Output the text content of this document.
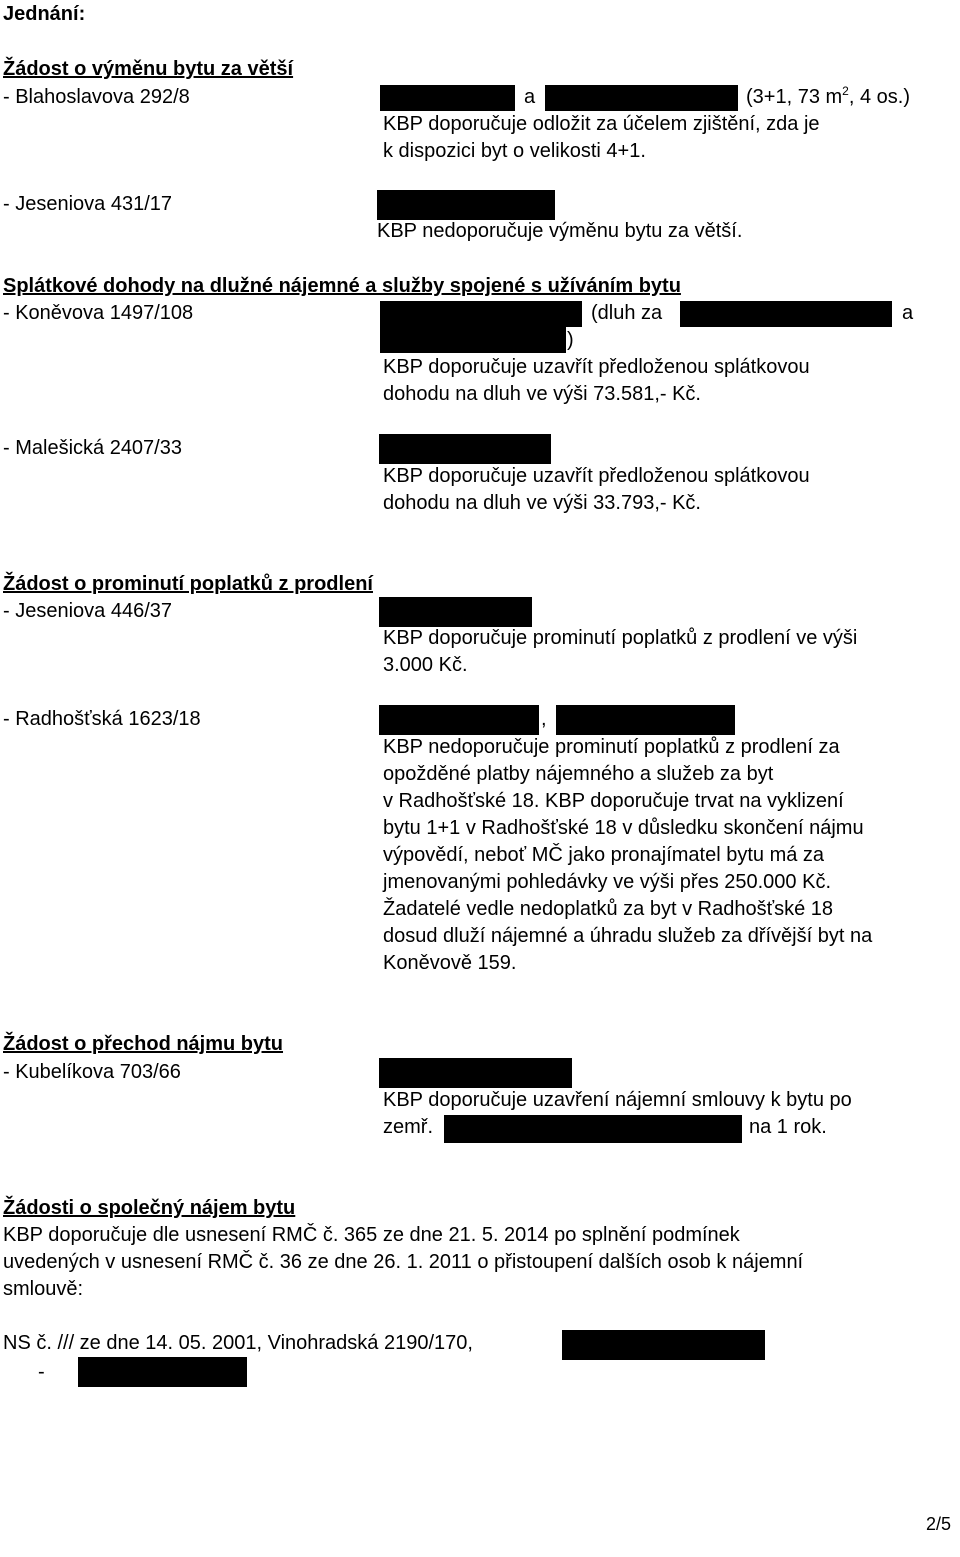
Jednání:
Žádost o výměnu bytu za větší
- Blahoslavova 292/8	a	(3+1, 73 $m^2$, 4 os.)
KBP doporučuje odložit za účelem zjištění, zda je
k dispozici byt o velikosti 4+1.
- Jeseniova 431/17
KBP nedoporučuje výměnu bytu za větší.
Splátkové dohody na dlužné nájemné a služby spojené s užíváním bytu
- Koněvova 1497/108	(dluh za	a
)
KBP doporučuje uzavřít předloženou splátkovou
dohodu na dluh ve výši 73.581,- Kč.
- Malešická 2407/33
KBP doporučuje uzavřít předloženou splátkovou
dohodu na dluh ve výši 33.793,- Kč.
Žádost o prominutí poplatků z prodlení
- Jeseniova 446/37
KBP doporučuje prominutí poplatků z prodlení ve výši
3.000 Kč.
- Radhošťská 1623/18	,
KBP nedoporučuje prominutí poplatků z prodlení za
opožděné platby nájemného a služeb za byt
v Radhošťské 18. KBP doporučuje trvat na vyklizení
bytu 1+1 v Radhošťské 18 v důsledku skončení nájmu
výpovědí, neboť MČ jako pronajímatel bytu má za
jmenovanými pohledávky ve výši přes 250.000 Kč.
Žadatelé vedle nedoplatků za byt v Radhošťské 18
dosud dluží nájemné a úhradu služeb za dřívější byt na
Koněvově 159.
Žádost o přechod nájmu bytu
- Kubelíkova 703/66
KBP doporučuje uzavření nájemní smlouvy k bytu po
zemř.	na 1 rok.
Žádosti o společný nájem bytu
KBP doporučuje dle usnesení RMČ č. 365 ze dne 21. 5. 2014 po splnění podmínek
uvedených v usnesení RMČ č. 36 ze dne 26. 1. 2011 o přistoupení dalších osob k nájemní
smlouvě:
NS č. /// ze dne 14. 05. 2001, Vinohradská 2190/170,
-
2/5
